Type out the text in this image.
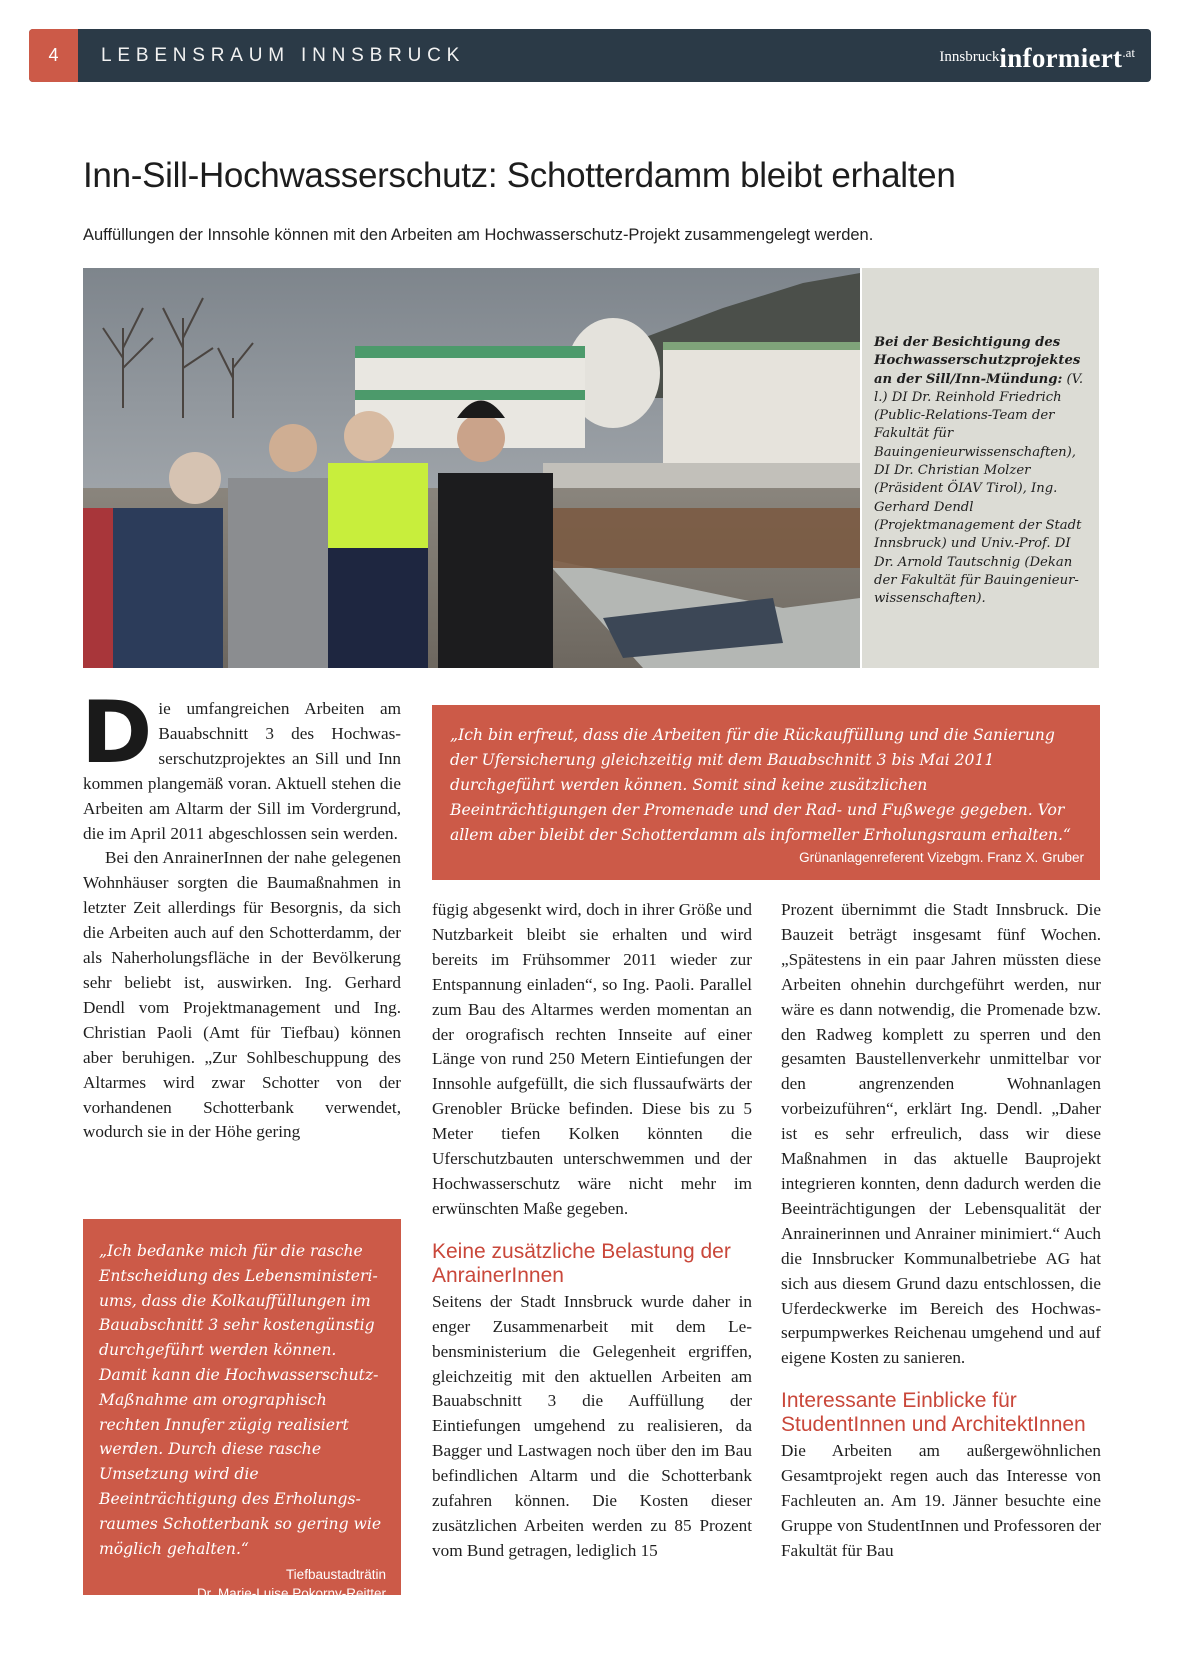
4	LEBENSRAUM INNSBRUCK	Innsbruckinformiert$^{.at}$
Inn-Sill-Hochwasserschutz: Schotterdamm bleibt erhalten
Auffüllungen der Innsohle können mit den Arbeiten am Hochwasserschutz-Projekt zusammengelegt werden.
Bei der Besichtigung des Hochwasserschutzprojektes an der Sill/Inn-Mündung: (V. l.) DI Dr. Reinhold Friedrich (Public-Relations-Team der Fakultät für Bauingenieurwissenschaften), DI Dr. Christian Molzer (Präsident ÖIAV Tirol), Ing. Gerhard Dendl (Projektmanagement der Stadt Innsbruck) und Univ.-Prof. DI Dr. Arnold Tautschnig (Dekan der Fakultät für Bauingenieurwissenschaften).

Die umfangreichen Arbeiten am Bauabschnitt 3 des Hochwasserschutzprojektes an Sill und Inn kommen plangemäß voran. Aktuell stehen die Arbeiten am Altarm der Sill im Vordergrund, die im April 2011 abgeschlossen sein werden.

Bei den AnrainerInnen der nahe gelegenen Wohnhäuser sorgten die Baumaßnahmen in letzter Zeit allerdings für Besorgnis, da sich die Arbeiten auch auf den Schotterdamm, der als Naherholungsfläche in der Bevölkerung sehr beliebt ist, auswirken. Ing. Gerhard Dendl vom Projektmanagement und Ing. Christian Paoli (Amt für Tiefbau) können aber beruhigen. „Zur Sohlbeschuppung des Altarmes wird zwar Schotter von der vorhandenen Schotterbank verwendet, wodurch sie in der Höhe gering

„Ich bin erfreut, dass die Arbeiten für die Rückauffüllung und die Sanierung der Ufersicherung gleichzeitig mit dem Bauabschnitt 3 bis Mai 2011 durchgeführt werden können. Somit sind keine zusätzlichen Beeinträchtigungen der Promenade und der Rad- und Fußwege gegeben. Vor allem aber bleibt der Schotterdamm als informeller Erholungsraum erhalten.“
Grünanlagenreferent Vizebgm. Franz X. Gruber

fügig abgesenkt wird, doch in ihrer Größe und Nutzbarkeit bleibt sie erhalten und wird bereits im Frühsommer 2011 wieder zur Entspannung einladen“, so Ing. Paoli. Parallel zum Bau des Altarmes werden momentan an der orografisch rechten Innseite auf einer Länge von rund 250 Metern Eintiefungen der Innsohle aufgefüllt, die sich flussaufwärts der Grenobler Brücke befinden. Diese bis zu 5 Meter tiefen Kolken könnten die Uferschutzbauten unterschwemmen und der Hochwasserschutz wäre nicht mehr im erwünschten Maße gegeben.

Keine zusätzliche Belastung der AnrainerInnen

Seitens der Stadt Innsbruck wurde daher in enger Zusammenarbeit mit dem Lebensministerium die Gelegenheit ergriffen, gleichzeitig mit den aktuellen Arbeiten am Bauabschnitt 3 die Auffüllung der Eintiefungen umgehend zu realisieren, da Bagger und Lastwagen noch über den im Bau befindlichen Altarm und die Schotterbank zufahren können. Die Kosten dieser zusätzlichen Arbeiten werden zu 85 Prozent vom Bund getragen, lediglich 15

Prozent übernimmt die Stadt Innsbruck. Die Bauzeit beträgt insgesamt fünf Wochen. „Spätestens in ein paar Jahren müssten diese Arbeiten ohnehin durchgeführt werden, nur wäre es dann notwendig, die Promenade bzw. den Radweg komplett zu sperren und den gesamten Baustellenverkehr unmittelbar vor den angrenzenden Wohnanlagen vorbeizuführen“, erklärt Ing. Dendl. „Daher ist es sehr erfreulich, dass wir diese Maßnahmen in das aktuelle Bauprojekt integrieren konnten, denn dadurch werden die Beeinträchtigungen der Lebensqualität der Anrainerinnen und Anrainer minimiert.“ Auch die Innsbrucker Kommunalbetriebe AG hat sich aus diesem Grund dazu entschlossen, die Uferdeckwerke im Bereich des Hochwasserpumpwerkes Reichenau umgehend und auf eigene Kosten zu sanieren.

Interessante Einblicke für StudentInnen und ArchitektInnen

Die Arbeiten am außergewöhnlichen Gesamtprojekt regen auch das Interesse von Fachleuten an. Am 19. Jänner besuchte eine Gruppe von StudentInnen und Professoren der Fakultät für Bau

„Ich bedanke mich für die rasche Entscheidung des Lebensministeriums, dass die Kolkauffüllungen im Bauabschnitt 3 sehr kostengünstig durchgeführt werden können. Damit kann die Hochwasserschutz-Maßnahme am orographisch rechten Innufer zügig realisiert werden. Durch diese rasche Umsetzung wird die Beeinträchtigung des Erholungsraumes Schotterbank so gering wie möglich gehalten.“
Tiefbaustadträtin
Dr. Marie-Luise Pokorny-Reitter
